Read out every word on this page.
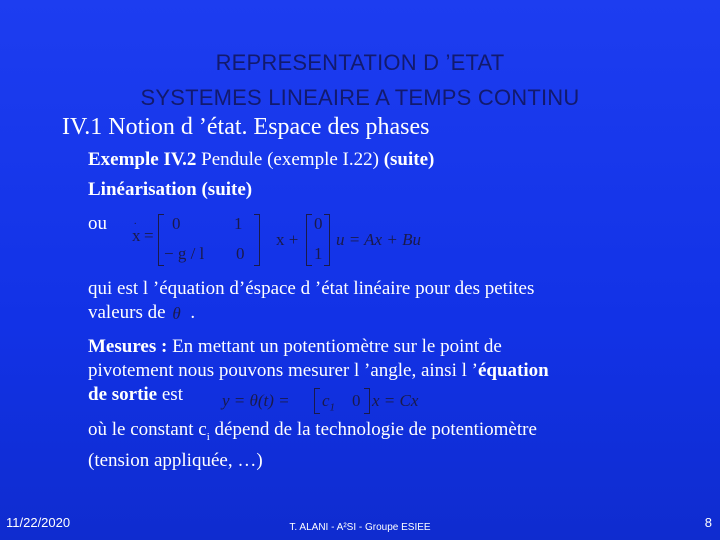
REPRESENTATION D ’ETAT
SYSTEMES LINEAIRE A TEMPS CONTINU
IV.1 Notion d ’état. Espace des phases
Exemple IV.2 Pendule (exemple I.22) (suite)
Linéarisation (suite)
ou
x
.
=
0	1
− g / l 0
x +
0
1
u = Ax + Bu
qui est l ’équation d’éspace d ’état linéaire pour des petites
valeurs de θ .
Mesures : En mettant un potentiomètre sur le point de
pivotement nous pouvons mesurer l ’angle, ainsi l ’équation
de sortie est	$y = \theta(t) = c_1$ 0 x = Cx
où le constant $c_i$ dépend de la technologie de potentiomètre
(tension appliquée, …)
11/22/2020	T. ALANI - A²SI - Groupe ESIEE	8
